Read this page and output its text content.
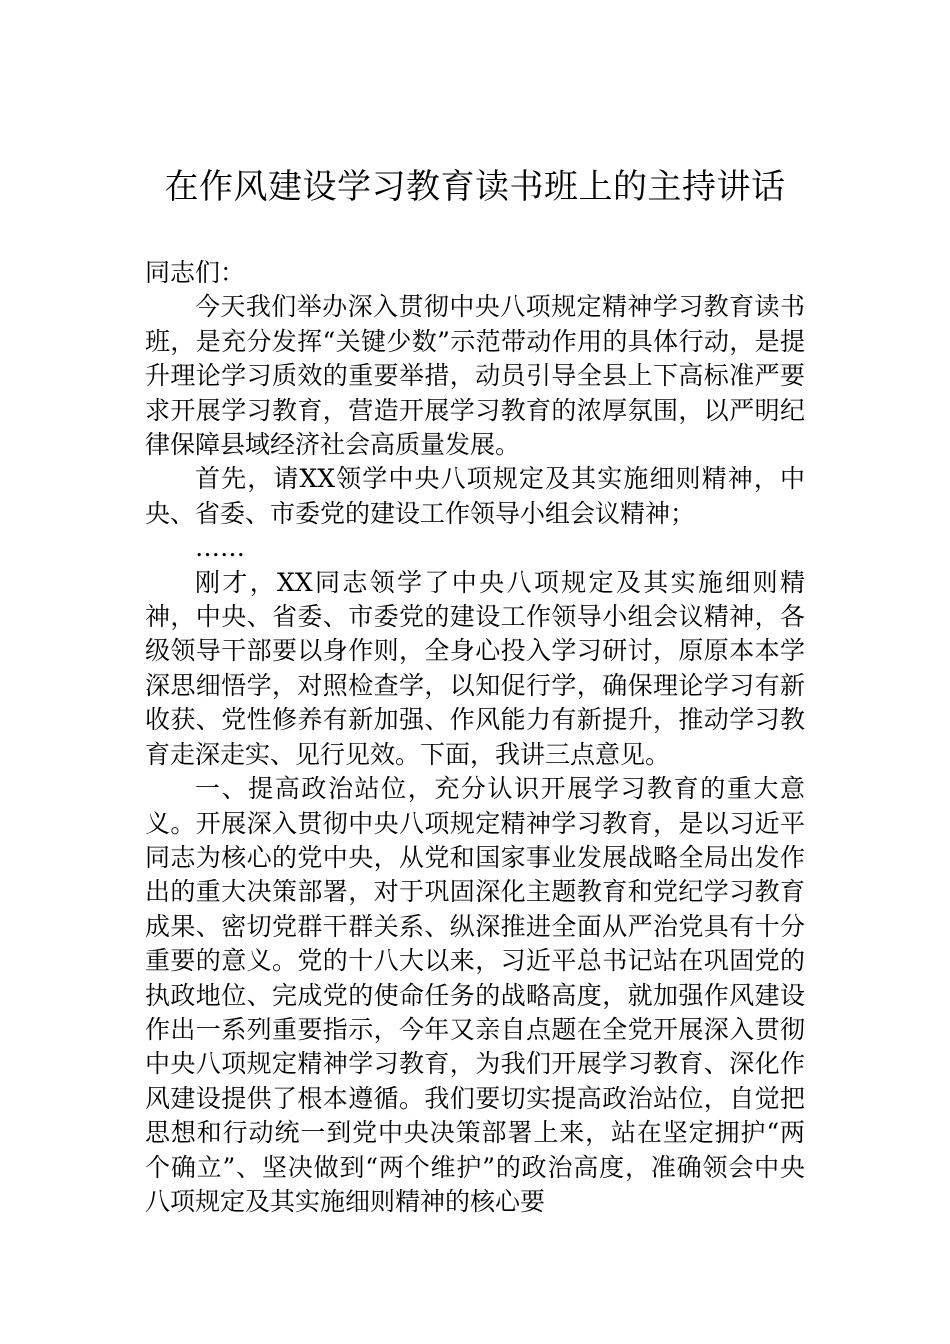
在作风建设学习教育读书班上的主持讲话

同志们：

今天我们举办深入贯彻中央八项规定精神学习教育读书班，是充分发挥“关键少数”示范带动作用的具体行动，是提升理论学习质效的重要举措，动员引导全县上下高标准严要求开展学习教育，营造开展学习教育的浓厚氛围，以严明纪律保障县域经济社会高质量发展。

首先，请XX领学中央八项规定及其实施细则精神，中央、省委、市委党的建设工作领导小组会议精神；

……

刚才，XX同志领学了中央八项规定及其实施细则精神，中央、省委、市委党的建设工作领导小组会议精神，各级领导干部要以身作则，全身心投入学习研讨，原原本本学深思细悟学，对照检查学，以知促行学，确保理论学习有新收获、党性修养有新加强、作风能力有新提升，推动学习教育走深走实、见行见效。下面，我讲三点意见。

一、提高政治站位，充分认识开展学习教育的重大意义。开展深入贯彻中央八项规定精神学习教育，是以习近平同志为核心的党中央，从党和国家事业发展战略全局出发作出的重大决策部署，对于巩固深化主题教育和党纪学习教育成果、密切党群干群关系、纵深推进全面从严治党具有十分重要的意义。党的十八大以来，习近平总书记站在巩固党的执政地位、完成党的使命任务的战略高度，就加强作风建设作出一系列重要指示，今年又亲自点题在全党开展深入贯彻中央八项规定精神学习教育，为我们开展学习教育、深化作风建设提供了根本遵循。我们要切实提高政治站位，自觉把思想和行动统一到党中央决策部署上来，站在坚定拥护“两个确立”、坚决做到“两个维护”的政治高度，准确领会中央八项规定及其实施细则精神的核心要
